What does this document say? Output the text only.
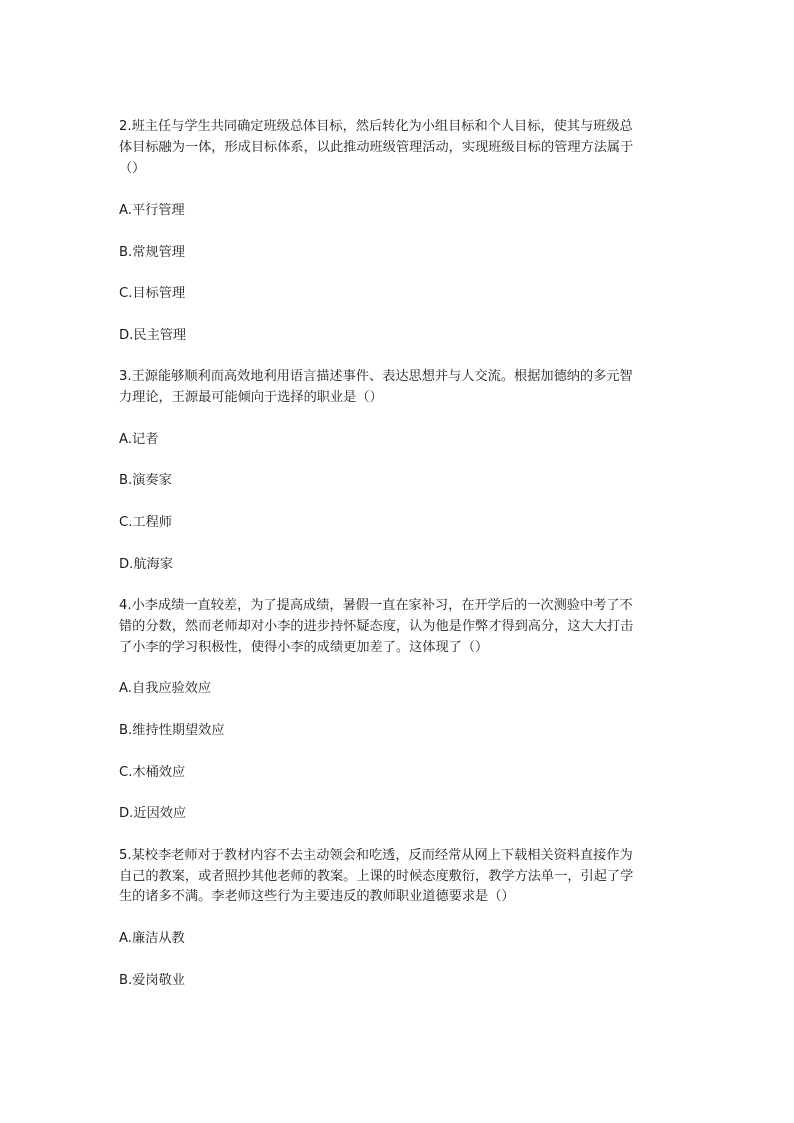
2.班主任与学生共同确定班级总体目标，然后转化为小组目标和个人目标，使其与班级总
体目标融为一体，形成目标体系，以此推动班级管理活动，实现班级目标的管理方法属于
（）
A.平行管理
B.常规管理
C.目标管理
D.民主管理
3.王源能够顺利而高效地利用语言描述事件、表达思想并与人交流。根据加德纳的多元智
力理论，王源最可能倾向于选择的职业是（）
A.记者
B.演奏家
C.工程师
D.航海家
4.小李成绩一直较差，为了提高成绩，暑假一直在家补习，在开学后的一次测验中考了不
错的分数，然而老师却对小李的进步持怀疑态度，认为他是作弊才得到高分，这大大打击
了小李的学习积极性，使得小李的成绩更加差了。这体现了（）
A.自我应验效应
B.维持性期望效应
C.木桶效应
D.近因效应
5.某校李老师对于教材内容不去主动领会和吃透，反而经常从网上下载相关资料直接作为
自己的教案，或者照抄其他老师的教案。上课的时候态度敷衍，教学方法单一，引起了学
生的诸多不满。李老师这些行为主要违反的教师职业道德要求是（）
A.廉洁从教
B.爱岗敬业
